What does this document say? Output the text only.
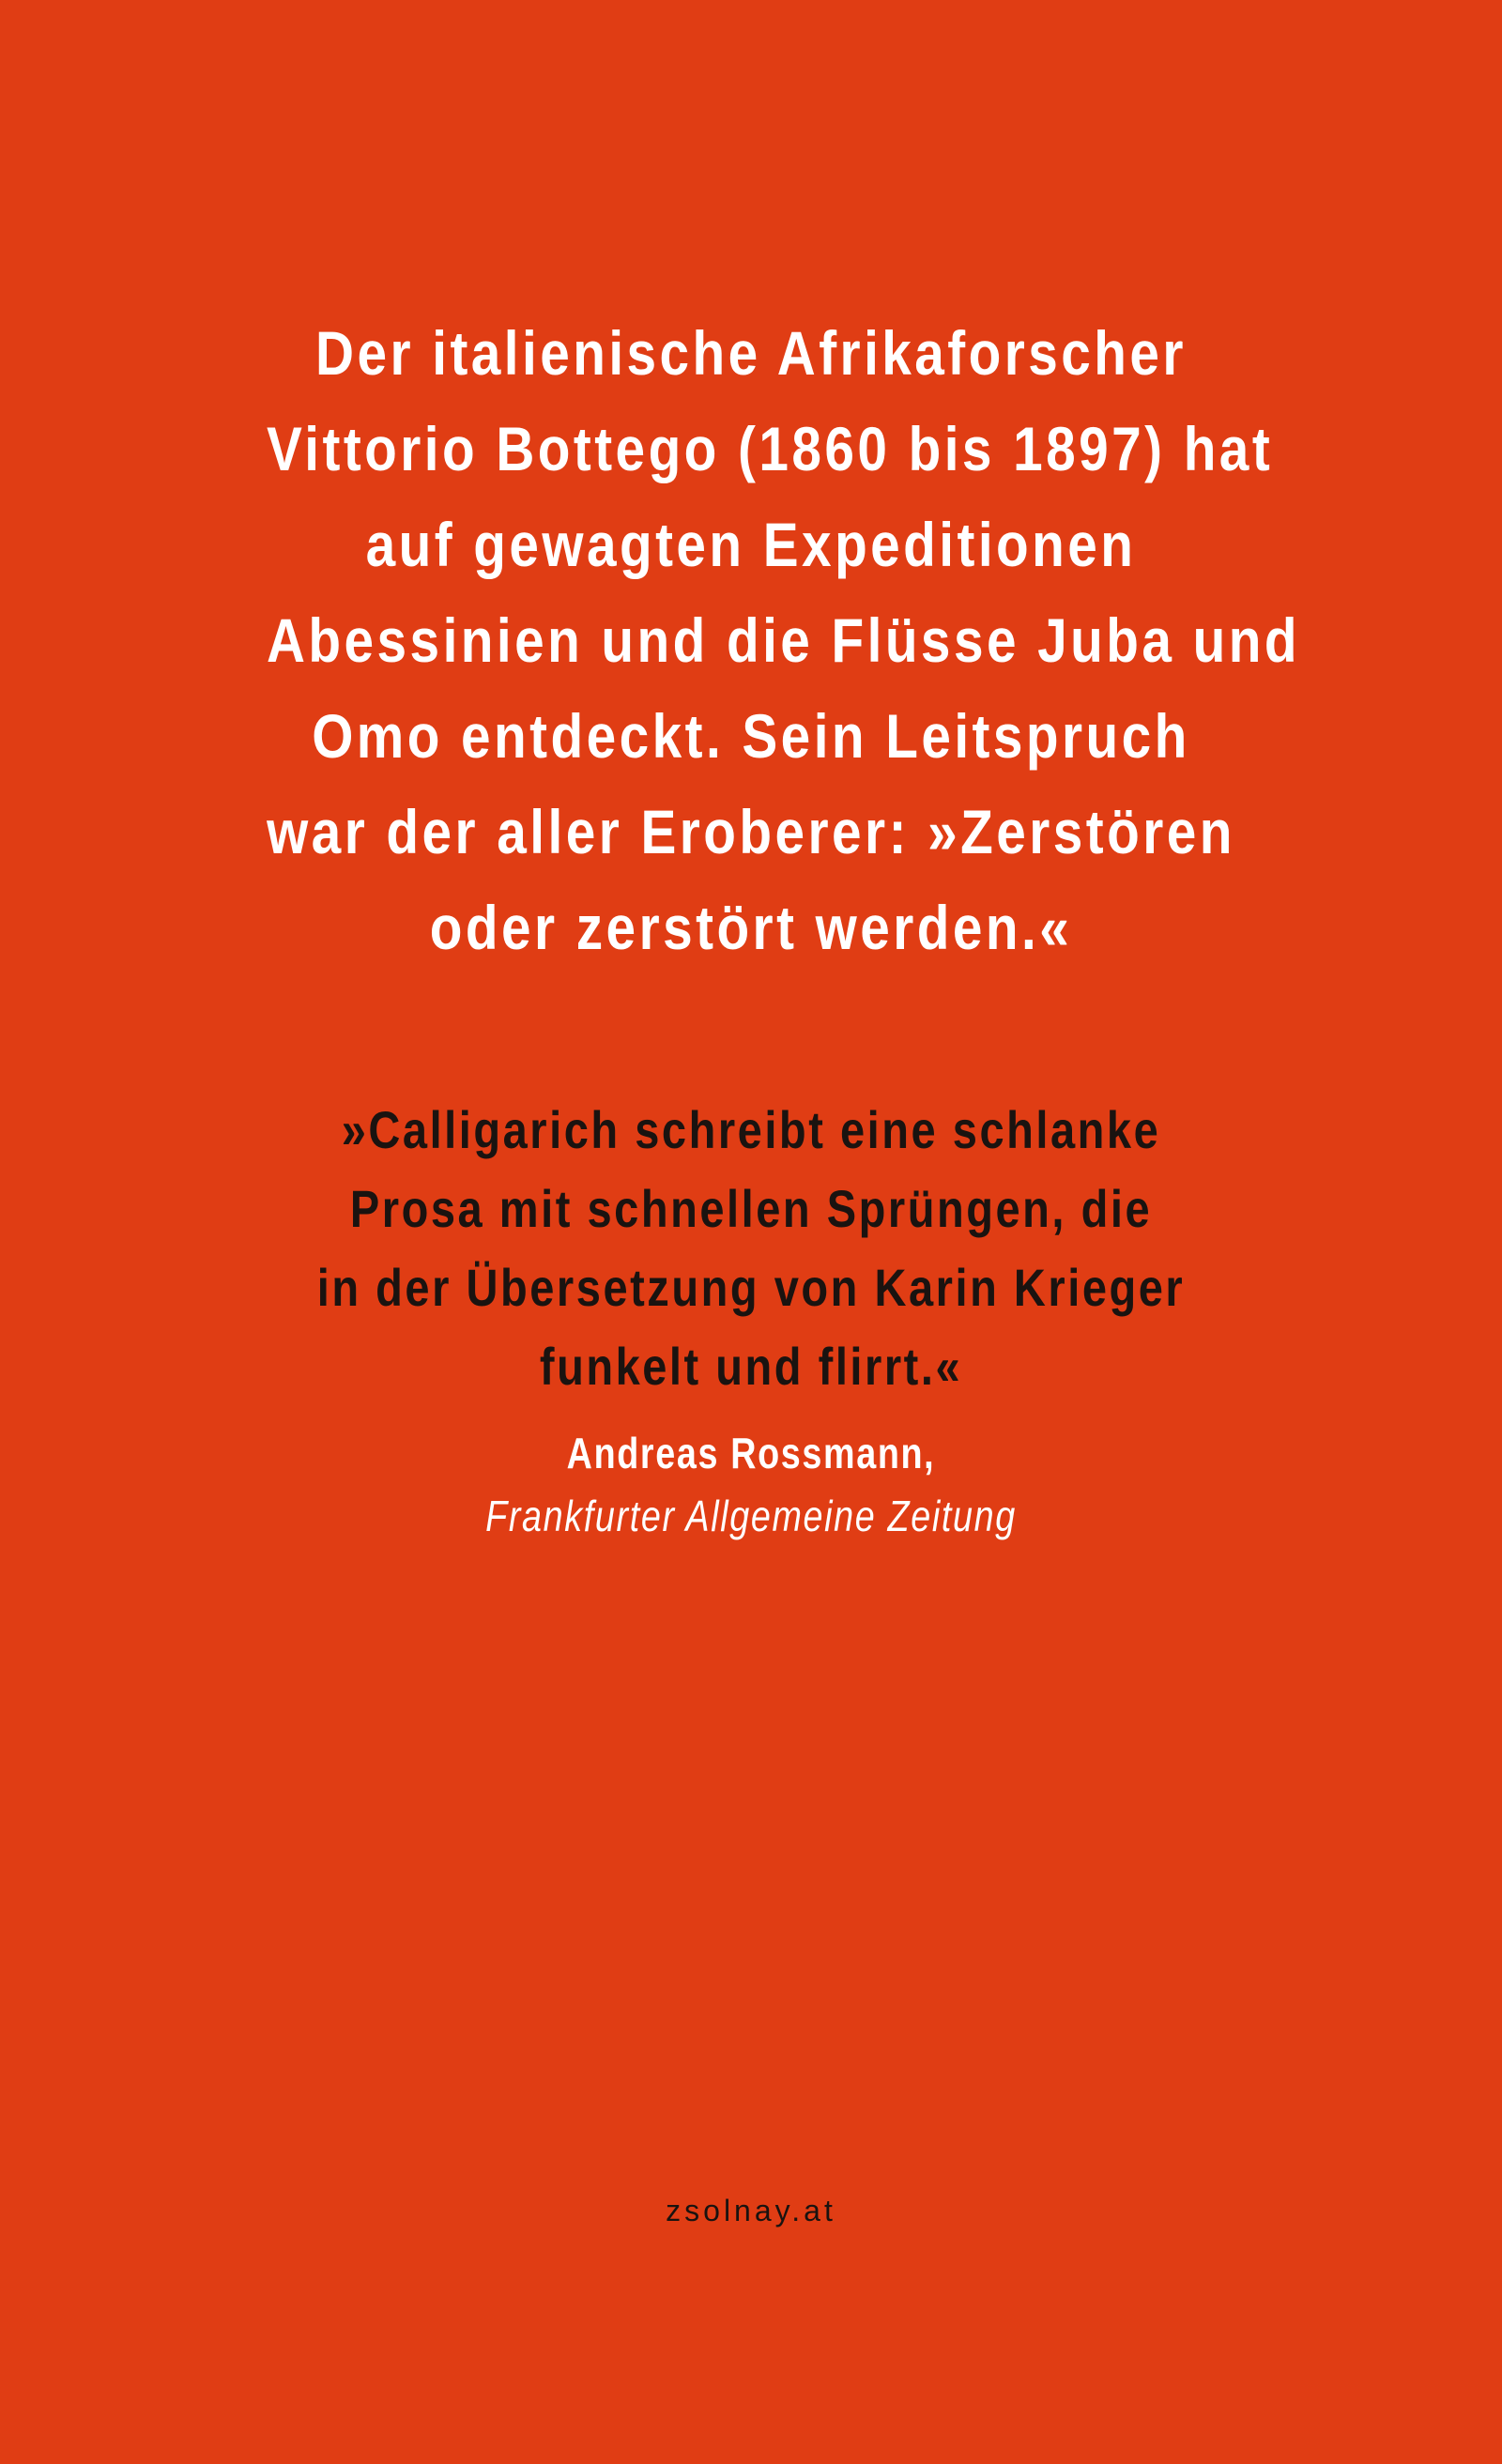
Der italienische Afrikaforscher
Vittorio Bottego (1860 bis 1897) hat
auf gewagten Expeditionen
Abessinien und die Flüsse Juba und
Omo entdeckt. Sein Leitspruch
war der aller Eroberer: »Zerstören
oder zerstört werden.«
»Calligarich schreibt eine schlanke
Prosa mit schnellen Sprüngen, die
in der Übersetzung von Karin Krieger
funkelt und flirrt.«
Andreas Rossmann,
Frankfurter Allgemeine Zeitung
zsolnay.at
